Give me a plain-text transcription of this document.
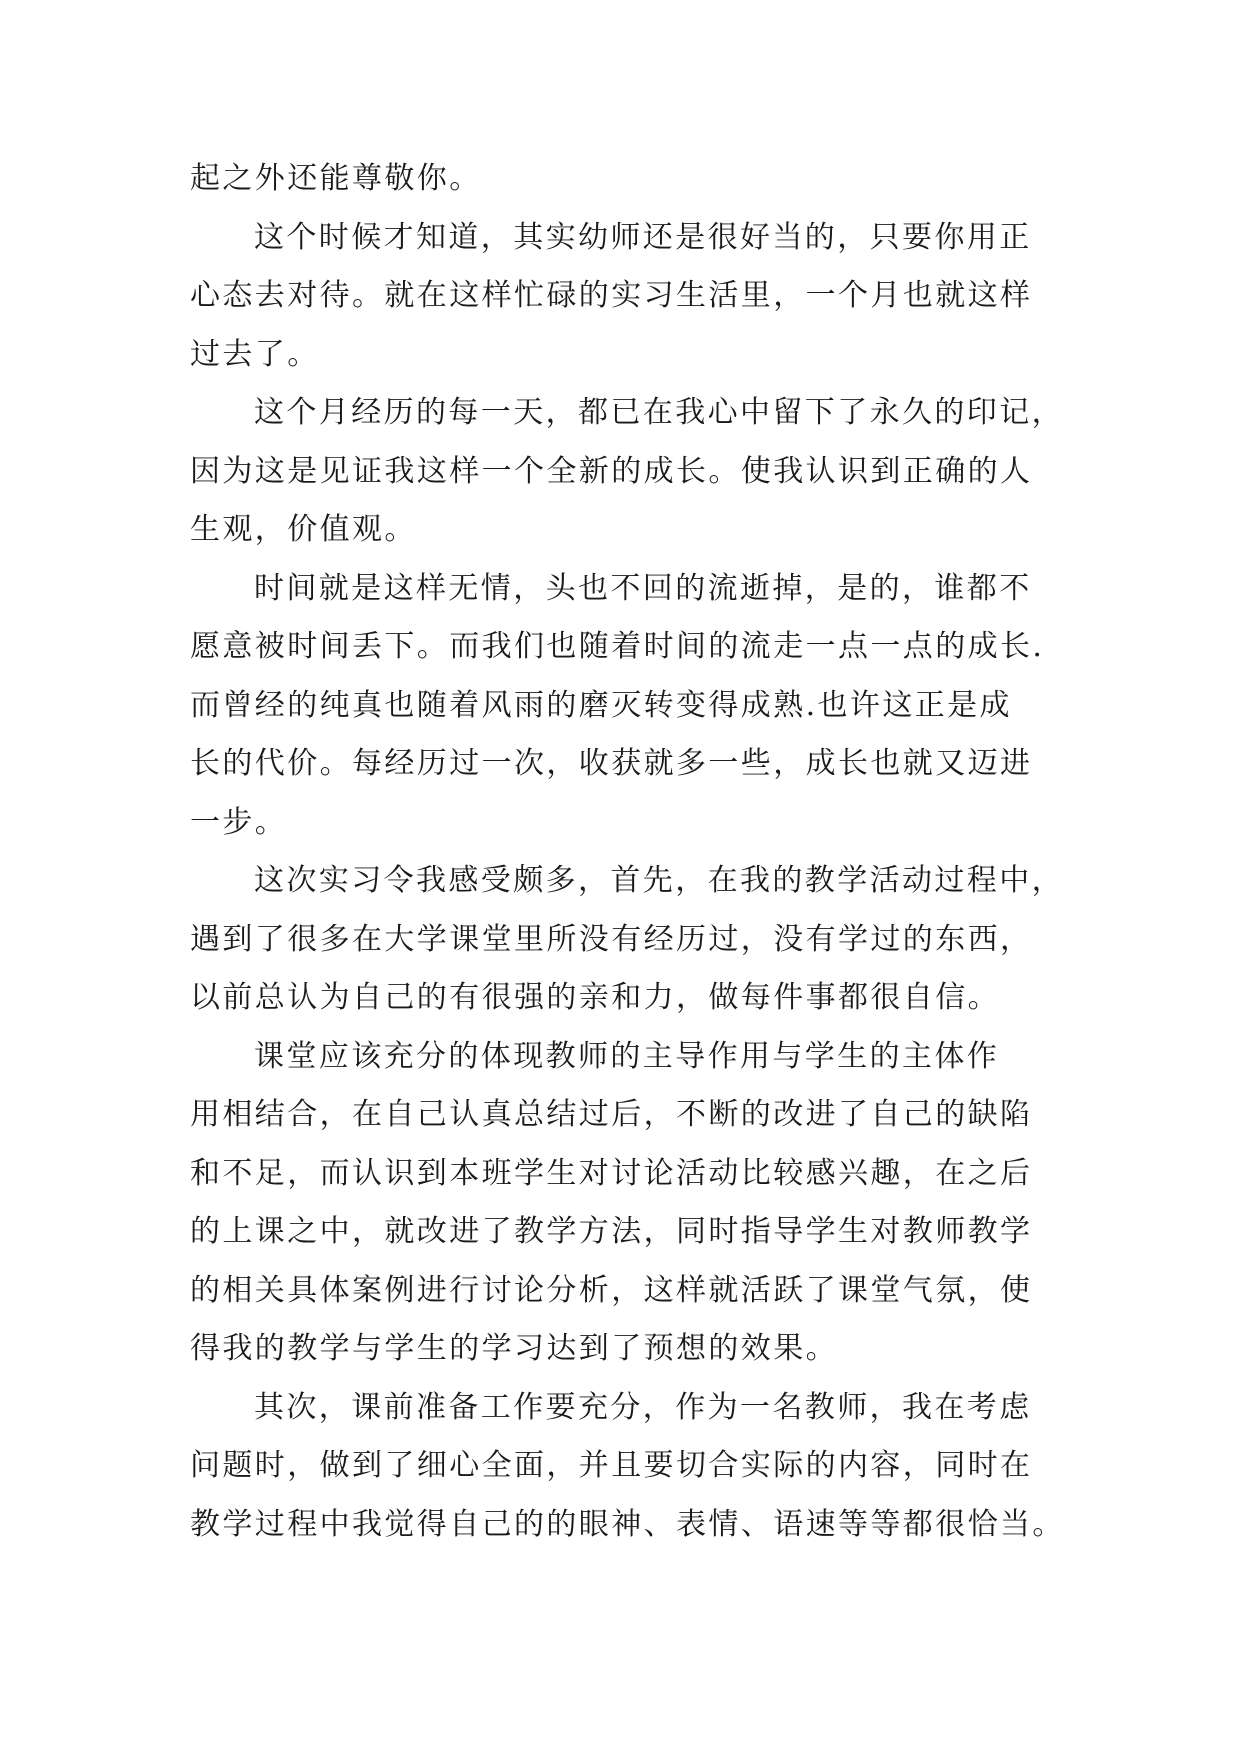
起之外还能尊敬你。
这个时候才知道，其实幼师还是很好当的，只要你用正
心态去对待。就在这样忙碌的实习生活里，一个月也就这样
过去了。
这个月经历的每一天，都已在我心中留下了永久的印记，
因为这是见证我这样一个全新的成长。使我认识到正确的人
生观，价值观。
时间就是这样无情，头也不回的流逝掉，是的，谁都不
愿意被时间丢下。而我们也随着时间的流走一点一点的成长.
而曾经的纯真也随着风雨的磨灭转变得成熟.也许这正是成
长的代价。每经历过一次，收获就多一些，成长也就又迈进
一步。
这次实习令我感受颇多，首先，在我的教学活动过程中，
遇到了很多在大学课堂里所没有经历过，没有学过的东西，
以前总认为自己的有很强的亲和力，做每件事都很自信。
课堂应该充分的体现教师的主导作用与学生的主体作
用相结合，在自己认真总结过后，不断的改进了自己的缺陷
和不足，而认识到本班学生对讨论活动比较感兴趣，在之后
的上课之中，就改进了教学方法，同时指导学生对教师教学
的相关具体案例进行讨论分析，这样就活跃了课堂气氛，使
得我的教学与学生的学习达到了预想的效果。
其次，课前准备工作要充分，作为一名教师，我在考虑
问题时，做到了细心全面，并且要切合实际的内容，同时在
教学过程中我觉得自己的的眼神、表情、语速等等都很恰当。
